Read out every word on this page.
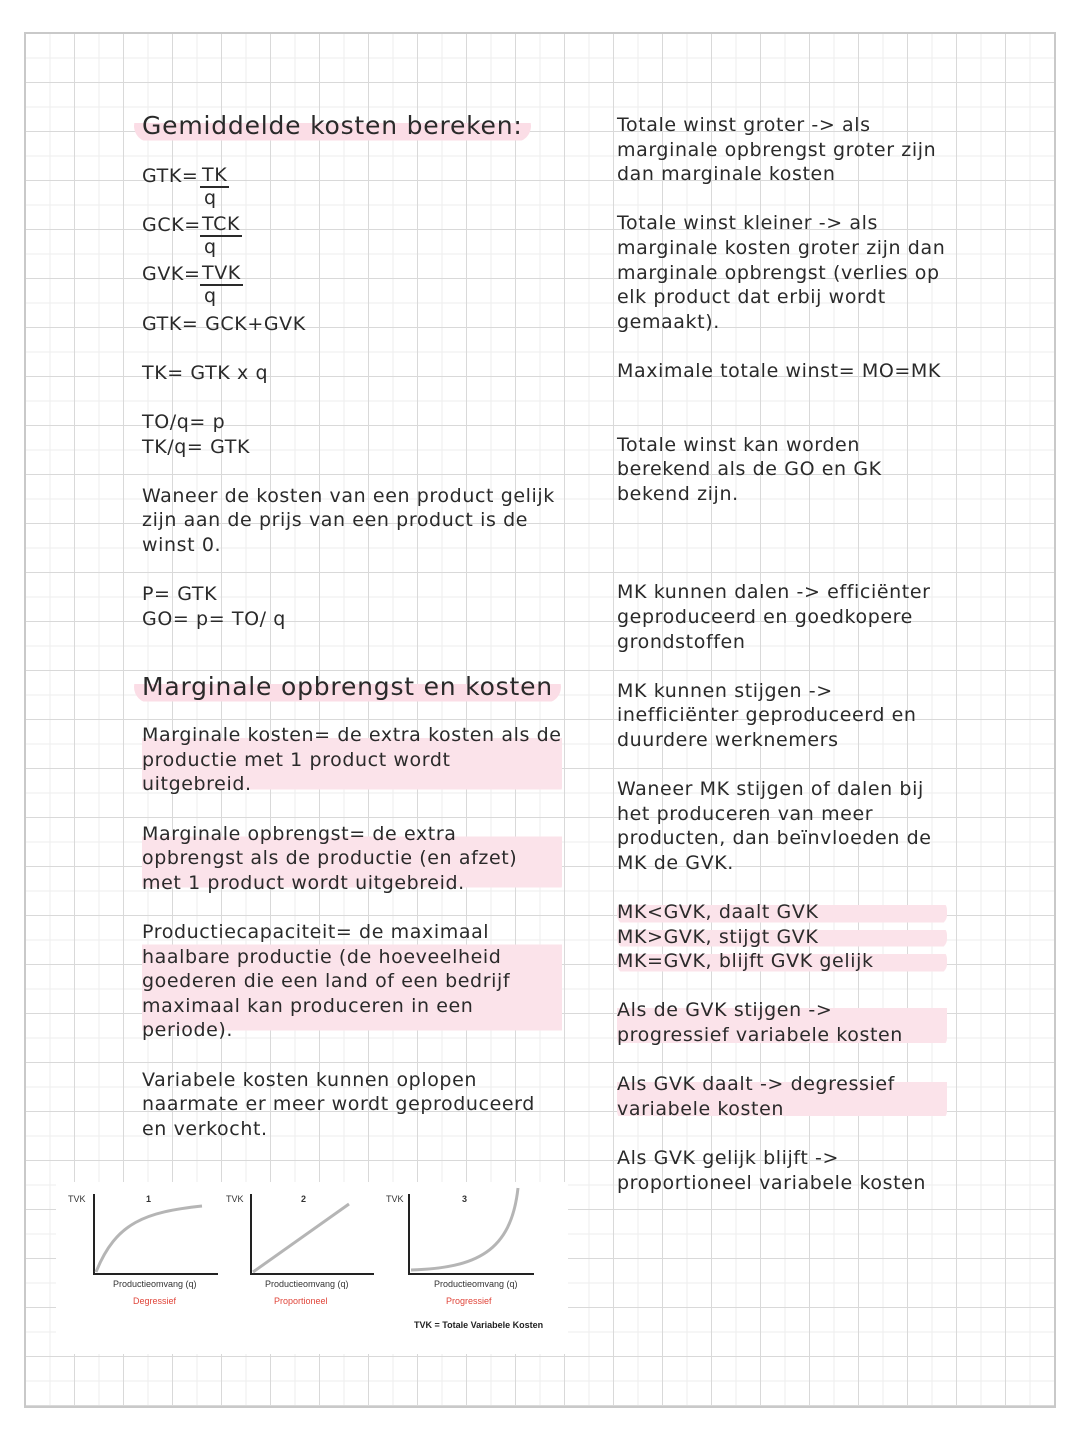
Gemiddelde kosten bereken:
GTK= TK
q
GCK= TCK
q
GVK= TVK
q

GTK= GCK+GVK

TK= GTK x q

TO/q= p

TK/q= GTK

Waneer de kosten van een product gelijk zijn aan de prijs van een product is de winst 0.

P= GTK

GO= p= TO/ q

Marginale opbrengst en kosten

Marginale kosten= de extra kosten als de productie met 1 product wordt uitgebreid.

Marginale opbrengst= de extra opbrengst als de productie (en afzet) met 1 product wordt uitgebreid.

Productiecapaciteit= de maximaal haalbare productie (de hoeveelheid goederen die een land of een bedrijf maximaal kan produceren in een periode).

Variabele kosten kunnen oplopen naarmate er meer wordt geproduceerd en verkocht.

Totale winst groter -> als marginale opbrengst groter zijn dan marginale kosten

Totale winst kleiner -> als marginale kosten groter zijn dan marginale opbrengst (verlies op elk product dat erbij wordt gemaakt).

Maximale totale winst= MO=MK

Totale winst kan worden berekend als de GO en GK bekend zijn.

MK kunnen dalen -> efficiënter geproduceerd en goedkopere grondstoffen

MK kunnen stijgen -> inefficiënter geproduceerd en duurdere werknemers

Waneer MK stijgen of dalen bij het produceren van meer producten, dan beïnvloeden de MK de GVK.

MK<GVK, daalt GVK

MK>GVK, stijgt GVK

MK=GVK, blijft GVK gelijk

Als de GVK stijgen -> progressief variabele kosten

Als GVK daalt -> degressief variabele kosten

Als GVK gelijk blijft -> proportioneel variabele kosten

TVK	1
Productieomvang (q)
Degressief
TVK	2
Productieomvang (q)
Proportioneel
TVK	3
Productieomvang (q)
Progressief
TVK = Totale Variabele Kosten
